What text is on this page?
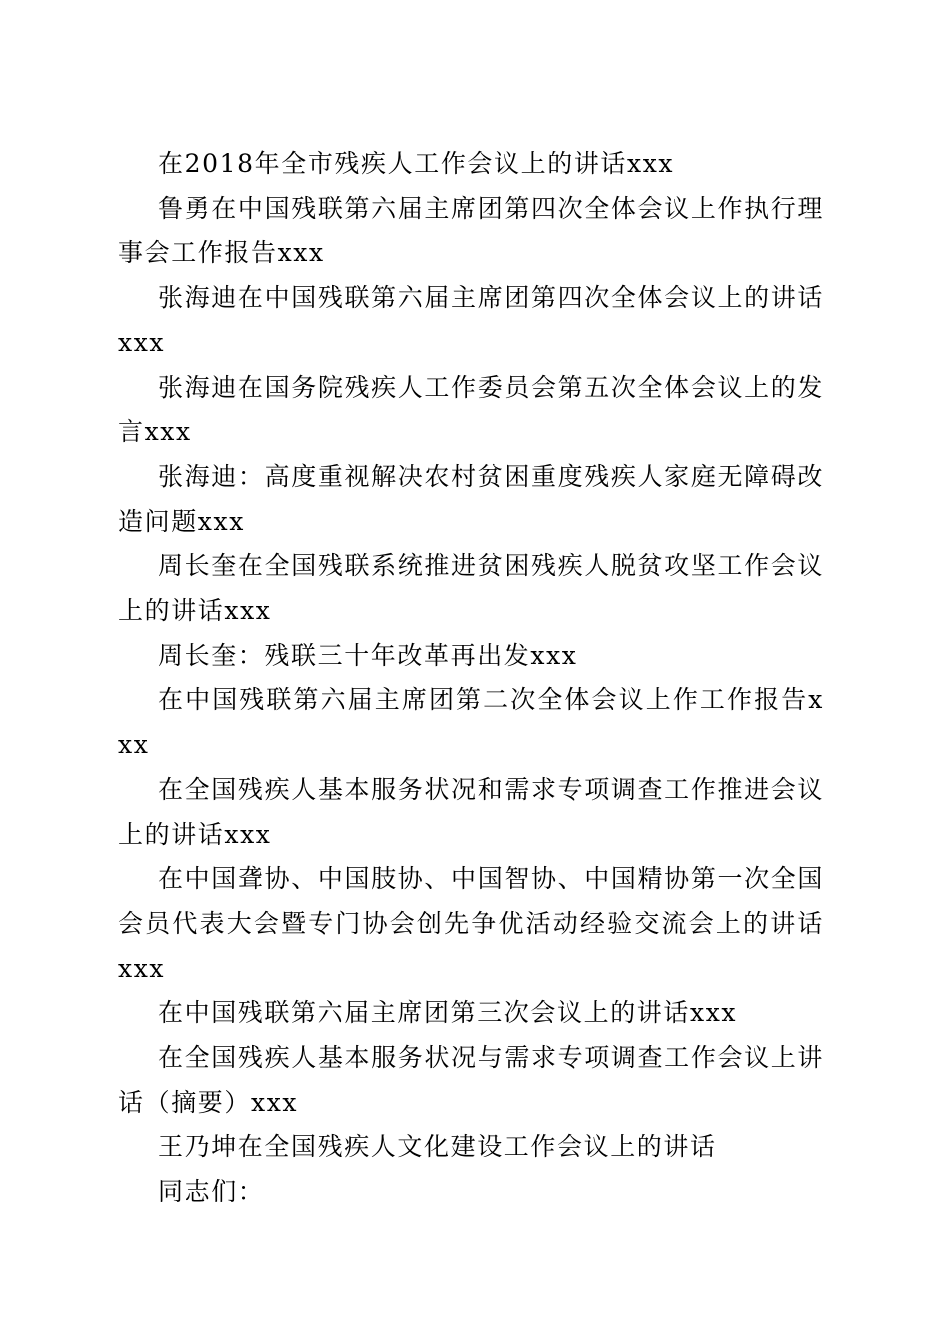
在2018年全市残疾人工作会议上的讲话xxx

鲁勇在中国残联第六届主席团第四次全体会议上作执行理事会工作报告xxx

张海迪在中国残联第六届主席团第四次全体会议上的讲话xxx

张海迪在国务院残疾人工作委员会第五次全体会议上的发言xxx

张海迪：高度重视解决农村贫困重度残疾人家庭无障碍改造问题xxx

周长奎在全国残联系统推进贫困残疾人脱贫攻坚工作会议上的讲话xxx

周长奎：残联三十年改革再出发xxx

在中国残联第六届主席团第二次全体会议上作工作报告xxx

在全国残疾人基本服务状况和需求专项调查工作推进会议上的讲话xxx

在中国聋协、中国肢协、中国智协、中国精协第一次全国会员代表大会暨专门协会创先争优活动经验交流会上的讲话xxx

在中国残联第六届主席团第三次会议上的讲话xxx

在全国残疾人基本服务状况与需求专项调查工作会议上讲话（摘要）xxx

王乃坤在全国残疾人文化建设工作会议上的讲话

同志们：
